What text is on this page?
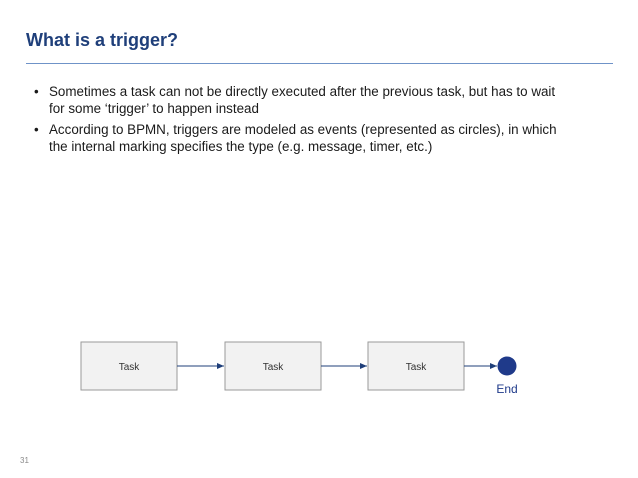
What is a trigger?
• Sometimes a task can not be directly executed after the previous task, but has to wait for some ‘trigger’ to happen instead
• According to BPMN, triggers are modeled as events (represented as circles), in which the internal marking specifies the type (e.g. message, timer, etc.)
Task	Task	Task
End
31
